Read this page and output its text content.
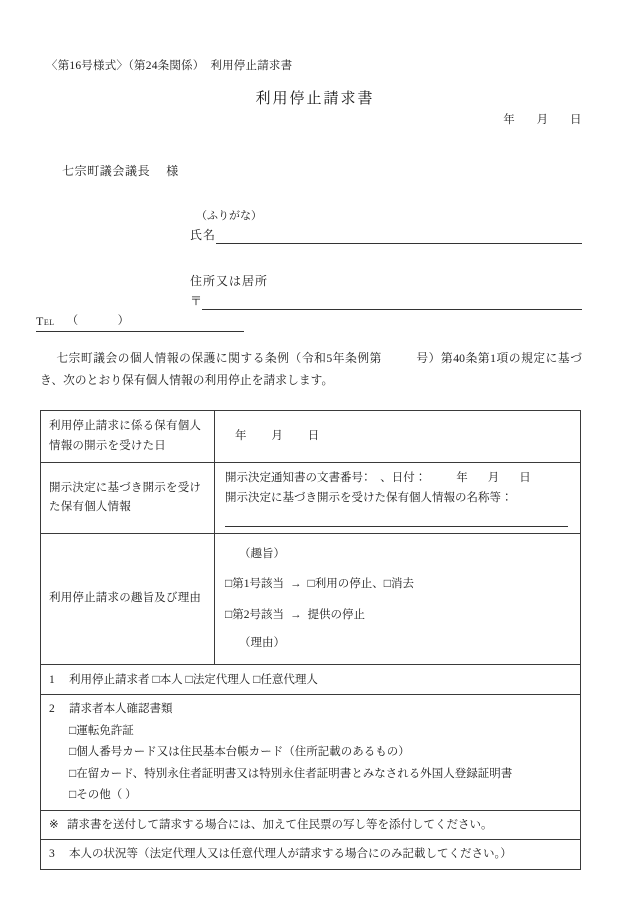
〈第16号様式〉（第24条関係）　利用停止請求書
利用停止請求書
年 月 日
七宗町議会議長 様
（ふりがな）
氏名
住所又は居所
〒
Tel （　）
七宗町議会の個人情報の保護に関する条例（令和5年条例第	号）第40条第1項の規定に基づき、次のとおり保有個人情報の利用停止を請求します。
利用停止請求に係る保有個人情報の開示を受けた日	年 月 日
開示決定に基づき開示を受けた保有個人情報	開示決定通知書の文書番号：　 、日付： 年 月 日
開示決定に基づき開示を受けた保有個人情報の名称等：

利用停止請求の趣旨及び理由	（趣旨）
□第1号該当 → □利用の停止、□消去
□第2号該当 → 提供の停止
（理由）
1 利用停止請求者 □本人 □法定代理人 □任意代理人

2 請求者本人確認書類
□運転免許証
□個人番号カード又は住民基本台帳カード（住所記載のあるもの）
□在留カード、特別永住者証明書又は特別永住者証明書とみなされる外国人登録証明書
□その他（ ）

※ 請求書を送付して請求する場合には、加えて住民票の写し等を添付してください。
3 本人の状況等（法定代理人又は任意代理人が請求する場合にのみ記載してください。）
